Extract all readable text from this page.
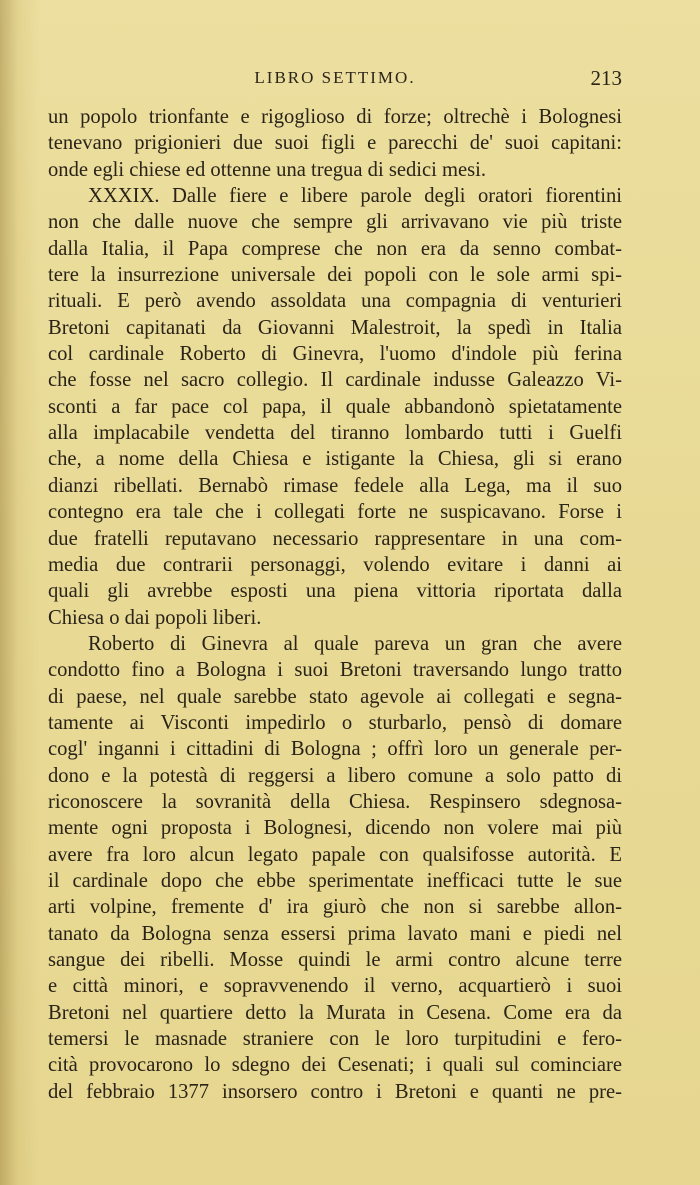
LIBRO SETTIMO.	213
un popolo trionfante e rigoglioso di forze; oltrechè i Bolognesi
tenevano prigionieri due suoi figli e parecchi de' suoi capitani:
onde egli chiese ed ottenne una tregua di sedici mesi.
XXXIX. Dalle fiere e libere parole degli oratori fiorentini
non che dalle nuove che sempre gli arrivavano vie più triste
dalla Italia, il Papa comprese che non era da senno combat-
tere la insurrezione universale dei popoli con le sole armi spi-
rituali. E però avendo assoldata una compagnia di venturieri
Bretoni capitanati da Giovanni Malestroit, la spedì in Italia
col cardinale Roberto di Ginevra, l'uomo d'indole più ferina
che fosse nel sacro collegio. Il cardinale indusse Galeazzo Vi-
sconti a far pace col papa, il quale abbandonò spietatamente
alla implacabile vendetta del tiranno lombardo tutti i Guelfi
che, a nome della Chiesa e istigante la Chiesa, gli si erano
dianzi ribellati. Bernabò rimase fedele alla Lega, ma il suo
contegno era tale che i collegati forte ne suspicavano. Forse i
due fratelli reputavano necessario rappresentare in una com-
media due contrarii personaggi, volendo evitare i danni ai
quali gli avrebbe esposti una piena vittoria riportata dalla
Chiesa o dai popoli liberi.
Roberto di Ginevra al quale pareva un gran che avere
condotto fino a Bologna i suoi Bretoni traversando lungo tratto
di paese, nel quale sarebbe stato agevole ai collegati e segna-
tamente ai Visconti impedirlo o sturbarlo, pensò di domare
cogl' inganni i cittadini di Bologna ; offrì loro un generale per-
dono e la potestà di reggersi a libero comune a solo patto di
riconoscere la sovranità della Chiesa. Respinsero sdegnosa-
mente ogni proposta i Bolognesi, dicendo non volere mai più
avere fra loro alcun legato papale con qualsifosse autorità. E
il cardinale dopo che ebbe sperimentate inefficaci tutte le sue
arti volpine, fremente d' ira giurò che non si sarebbe allon-
tanato da Bologna senza essersi prima lavato mani e piedi nel
sangue dei ribelli. Mosse quindi le armi contro alcune terre
e città minori, e sopravvenendo il verno, acquartierò i suoi
Bretoni nel quartiere detto la Murata in Cesena. Come era da
temersi le masnade straniere con le loro turpitudini e fero-
cità provocarono lo sdegno dei Cesenati; i quali sul cominciare
del febbraio 1377 insorsero contro i Bretoni e quanti ne pre-
